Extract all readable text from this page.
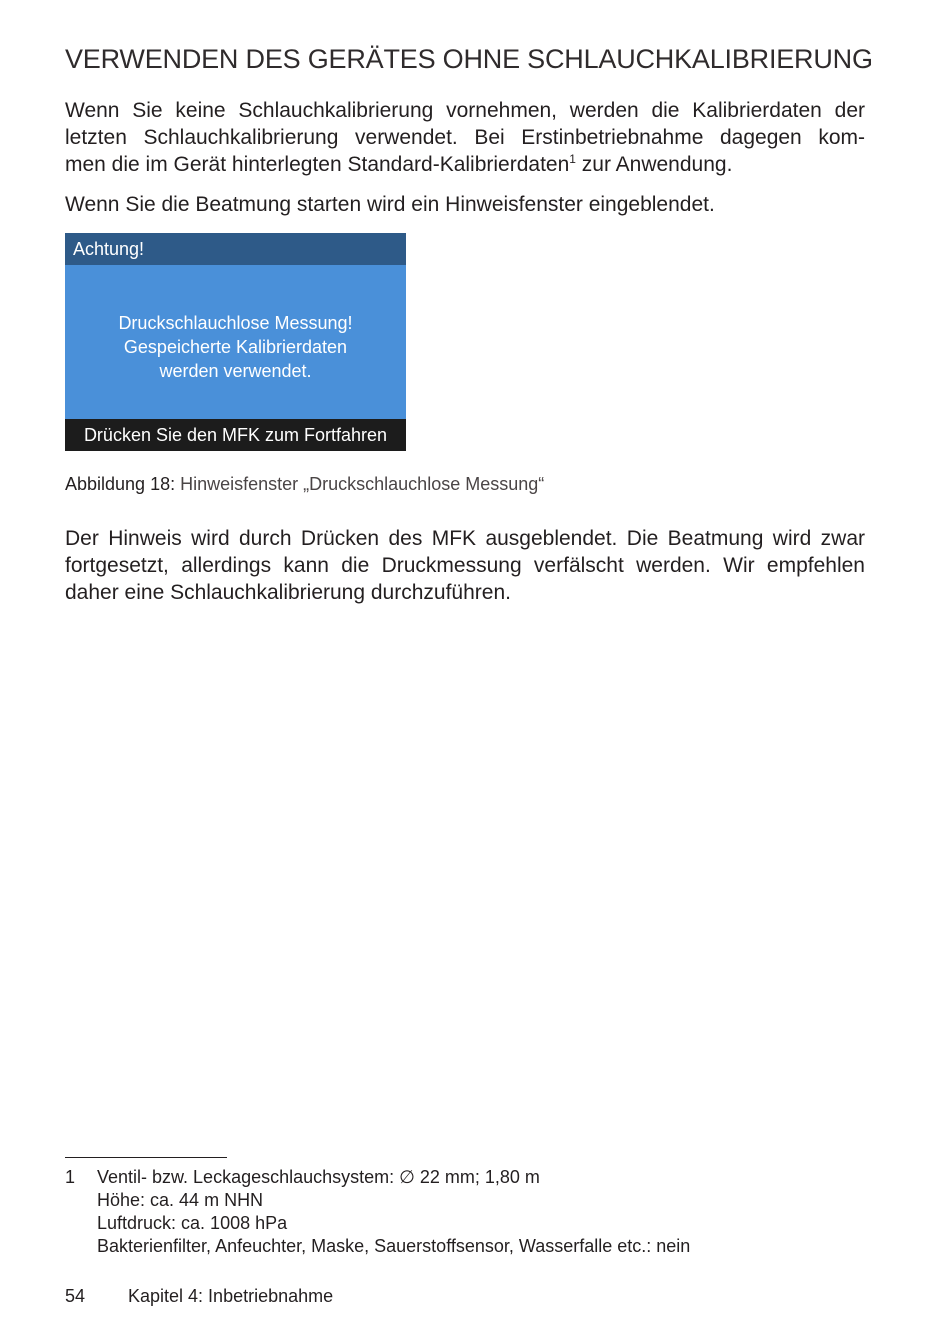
VERWENDEN DES GERÄTES OHNE SCHLAUCHKALIBRIERUNG

Wenn Sie keine Schlauchkalibrierung vornehmen, werden die Kalibrierdaten der
letzten Schlauchkalibrierung verwendet. Bei Erstinbetriebnahme dagegen kom-
men die im Gerät hinterlegten Standard-Kalibrierdaten$^1$ zur Anwendung.

Wenn Sie die Beatmung starten wird ein Hinweisfenster eingeblendet.

Achtung!
Druckschlauchlose Messung!
Gespeicherte Kalibrierdaten
werden verwendet.
Drücken Sie den MFK zum Fortfahren

Abbildung 18: Hinweisfenster „Druckschlauchlose Messung“

Der Hinweis wird durch Drücken des MFK ausgeblendet. Die Beatmung wird zwar
fortgesetzt, allerdings kann die Druckmessung verfälscht werden. Wir empfehlen
daher eine Schlauchkalibrierung durchzuführen.

1 Ventil- bzw. Leckageschlauchsystem: ∅ 22 mm; 1,80 m
Höhe: ca. 44 m NHN
Luftdruck: ca. 1008 hPa
Bakterienfilter, Anfeuchter, Maske, Sauerstoffsensor, Wasserfalle etc.: nein
54 Kapitel 4: Inbetriebnahme
